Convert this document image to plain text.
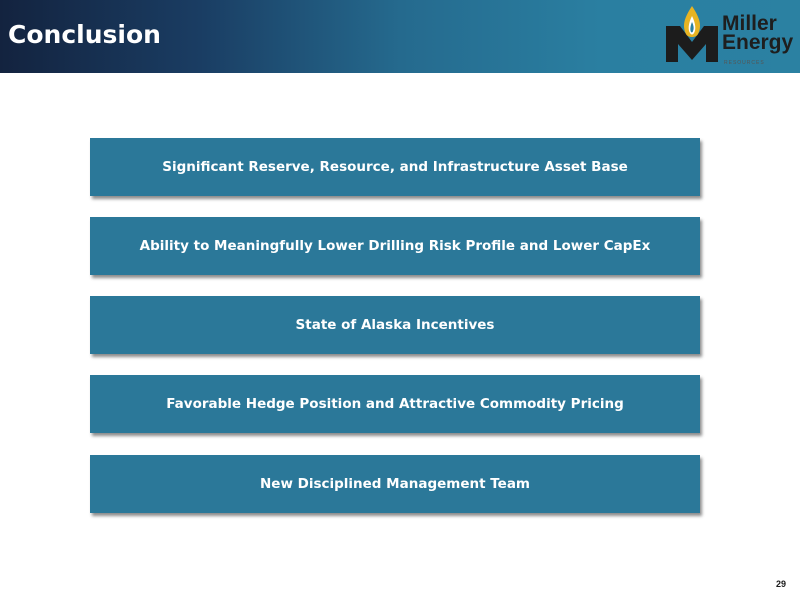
Conclusion	Miller
Energy
RESOURCES
Significant Reserve, Resource, and Infrastructure Asset Base
Ability to Meaningfully Lower Drilling Risk Profile and Lower CapEx
State of Alaska Incentives
Favorable Hedge Position and Attractive Commodity Pricing
New Disciplined Management Team
29
